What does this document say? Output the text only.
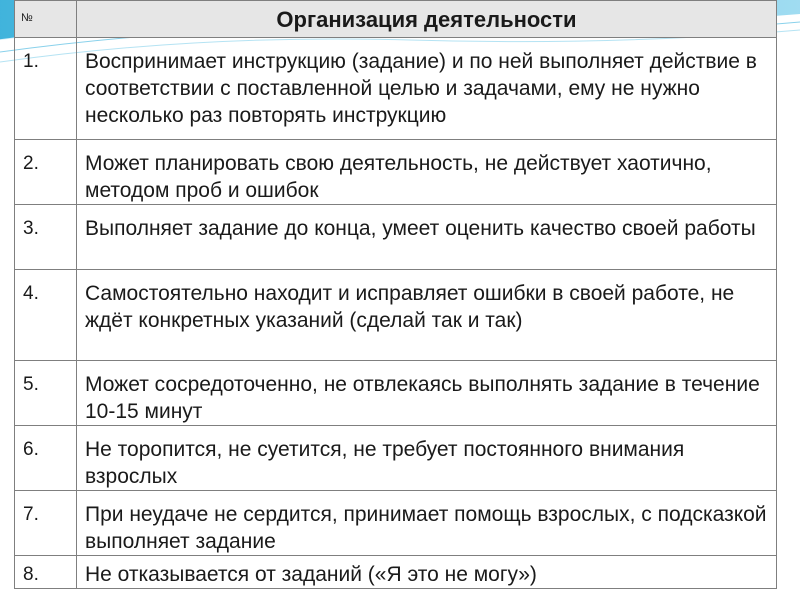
№	Организация деятельности
1.	Воспринимает инструкцию (задание) и по ней выполняет действие в соответствии с поставленной целью и задачами, ему не нужно несколько раз повторять инструкцию
2.	Может планировать свою деятельность, не действует хаотично, методом проб и ошибок
3.	Выполняет задание до конца, умеет оценить качество своей работы
4.	Самостоятельно находит и исправляет ошибки в своей работе, не ждёт конкретных указаний (сделай так и так)
5.	Может сосредоточенно, не отвлекаясь выполнять задание в течение 10-15 минут
6.	Не торопится, не суетится, не требует постоянного внимания взрослых
7.	При неудаче не сердится, принимает помощь взрослых, с подсказкой выполняет задание
8.	Не отказывается от заданий («Я это не могу»)
